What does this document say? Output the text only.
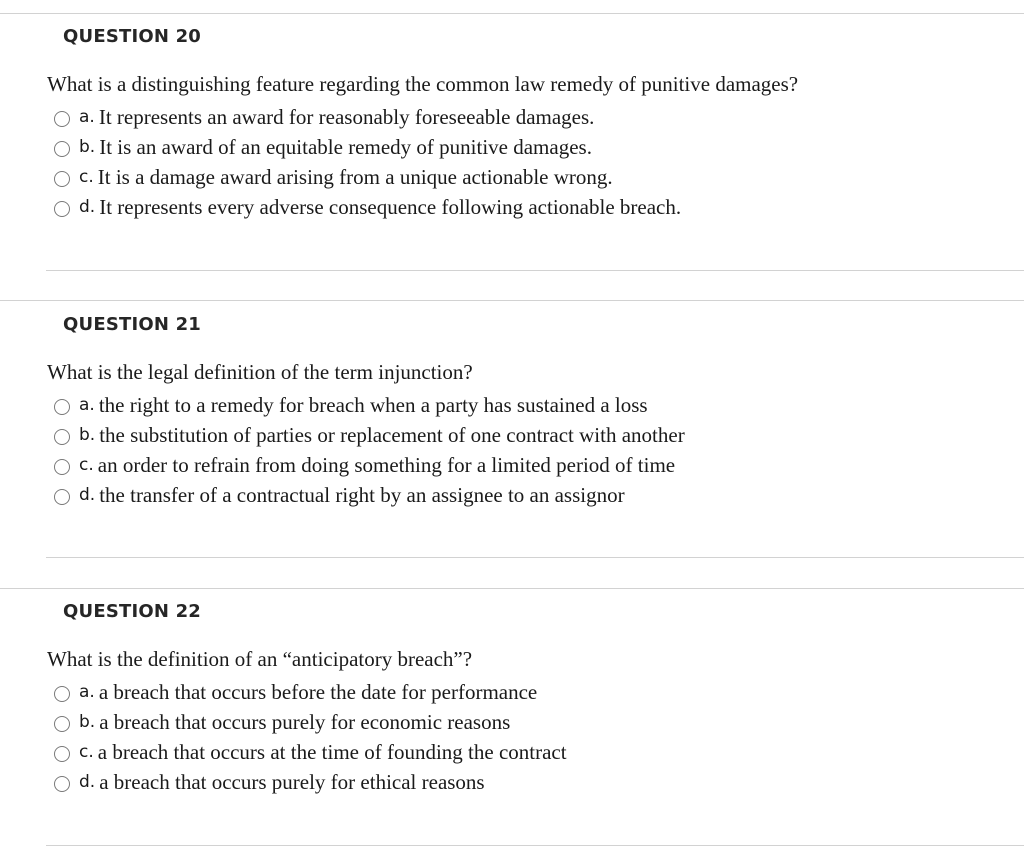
QUESTION 20
What is a distinguishing feature regarding the common law remedy of punitive damages?
a. It represents an award for reasonably foreseeable damages.
b. It is an award of an equitable remedy of punitive damages.
c. It is a damage award arising from a unique actionable wrong.
d. It represents every adverse consequence following actionable breach.
QUESTION 21
What is the legal definition of the term injunction?
a. the right to a remedy for breach when a party has sustained a loss
b. the substitution of parties or replacement of one contract with another
c. an order to refrain from doing something for a limited period of time
d. the transfer of a contractual right by an assignee to an assignor
QUESTION 22
What is the definition of an “anticipatory breach”?
a. a breach that occurs before the date for performance
b. a breach that occurs purely for economic reasons
c. a breach that occurs at the time of founding the contract
d. a breach that occurs purely for ethical reasons
